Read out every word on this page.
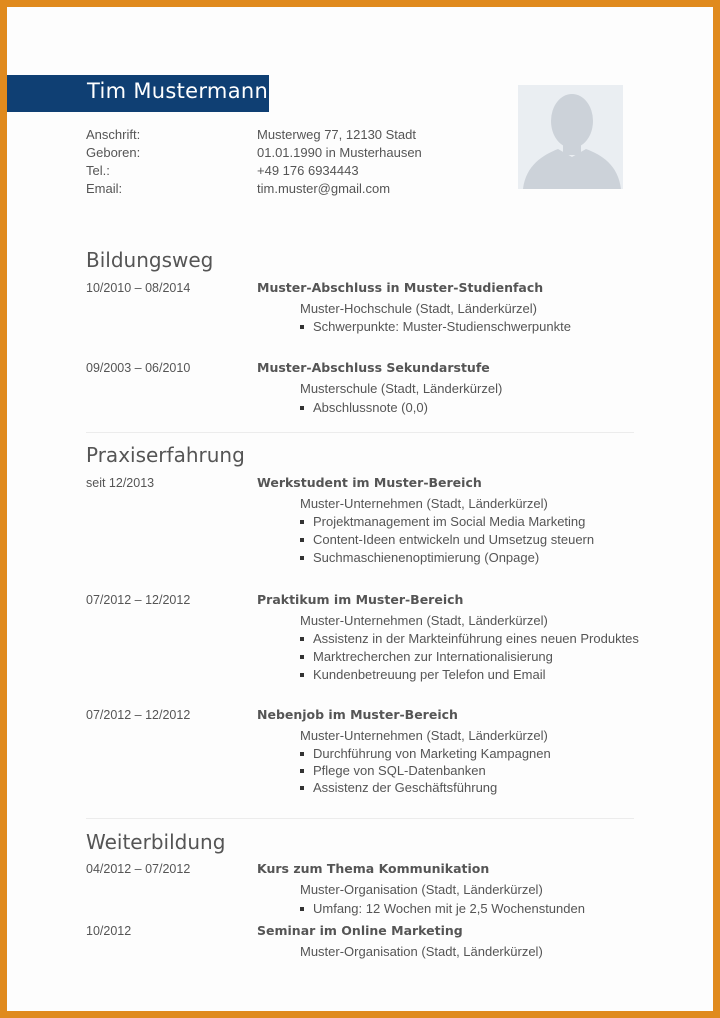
Tim Mustermann
Anschrift:	Musterweg 77, 12130 Stadt
Geboren:	01.01.1990 in Musterhausen
Tel.:	+49 176 6934443
Email:	tim.muster@gmail.com
Bildungsweg
10/2010 – 08/2014	Muster-Abschluss in Muster-Studienfach
Muster-Hochschule (Stadt, Länderkürzel)
Schwerpunkte: Muster-Studienschwerpunkte
09/2003 – 06/2010	Muster-Abschluss Sekundarstufe
Musterschule (Stadt, Länderkürzel)
Abschlussnote (0,0)
Praxiserfahrung
seit 12/2013	Werkstudent im Muster-Bereich
Muster-Unternehmen (Stadt, Länderkürzel)
Projektmanagement im Social Media Marketing
Content-Ideen entwickeln und Umsetzug steuern
Suchmaschienenoptimierung (Onpage)
07/2012 – 12/2012	Praktikum im Muster-Bereich
Muster-Unternehmen (Stadt, Länderkürzel)
Assistenz in der Markteinführung eines neuen Produktes
Marktrecherchen zur Internationalisierung
Kundenbetreuung per Telefon und Email
07/2012 – 12/2012	Nebenjob im Muster-Bereich
Muster-Unternehmen (Stadt, Länderkürzel)
Durchführung von Marketing Kampagnen
Pflege von SQL-Datenbanken
Assistenz der Geschäftsführung
Weiterbildung
04/2012 – 07/2012	Kurs zum Thema Kommunikation
Muster-Organisation (Stadt, Länderkürzel)
Umfang: 12 Wochen mit je 2,5 Wochenstunden
10/2012	Seminar im Online Marketing
Muster-Organisation (Stadt, Länderkürzel)
